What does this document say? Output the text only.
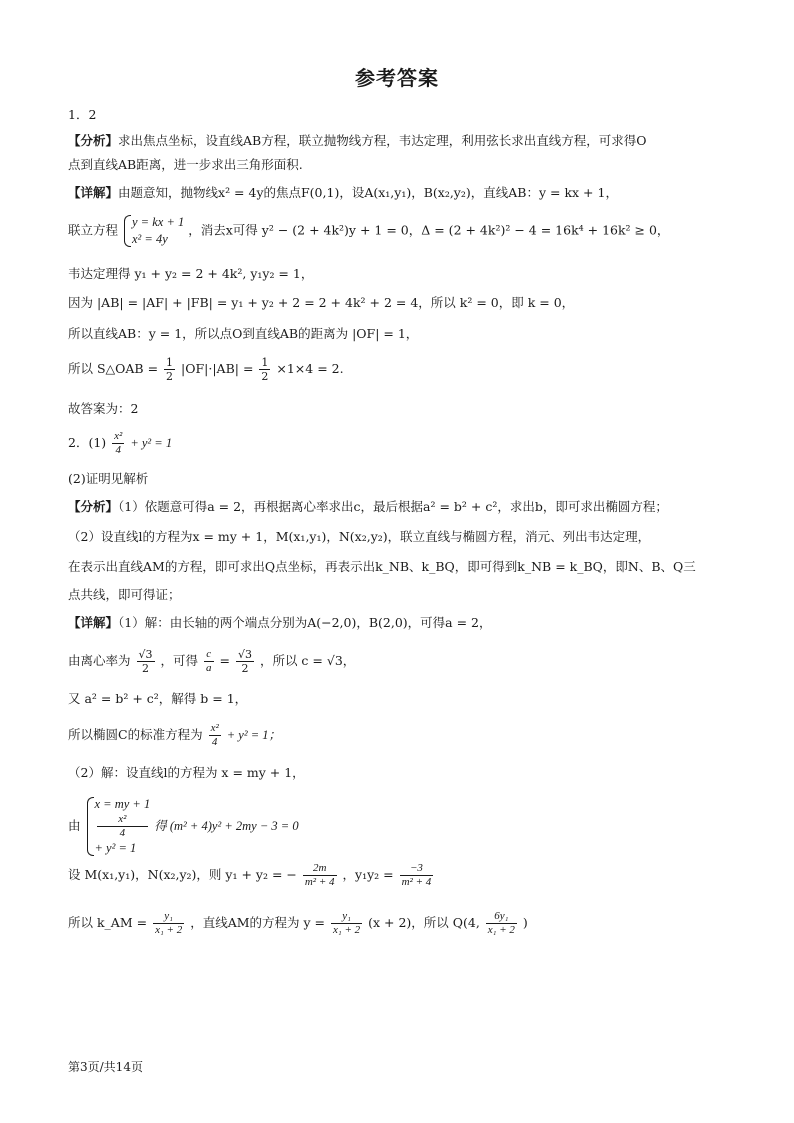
参考答案
1．2
【分析】求出焦点坐标，设直线AB方程，联立抛物线方程，韦达定理，利用弦长求出直线方程，可求得O
点到直线AB距离，进一步求出三角形面积.
【详解】由题意知，抛物线x² = 4y的焦点F(0,1)，设A(x₁,y₁)，B(x₂,y₂)，直线AB：y = kx + 1，
联立方程
y = kx + 1
x² = 4y
，消去x可得 y² − (2 + 4k²)y + 1 = 0，Δ = (2 + 4k²)² − 4 = 16k⁴ + 16k² ≥ 0，
韦达定理得 y₁ + y₂ = 2 + 4k², y₁y₂ = 1，
因为 |AB| = |AF| + |FB| = y₁ + y₂ + 2 = 2 + 4k² + 2 = 4，所以 k² = 0，即 k = 0，
所以直线AB：y = 1，所以点O到直线AB的距离为 |OF| = 1，
所以 S△OAB = $\frac{1}{2} |OF|\cdot|AB| = \frac{1}{2} \times 1\times 4 = 2$.
故答案为：2
2．$(1) \frac{\text{x²}}{4} + y^2 = 1$
(2)证明见解析
【分析】（1）依题意可得a = 2，再根据离心率求出c，最后根据a² = b² + c²，求出b，即可求出椭圆方程；
（2）设直线l的方程为x = my + 1，M(x₁,y₁)，N(x₂,y₂)，联立直线与椭圆方程，消元、列出韦达定理，
在表示出直线AM的方程，即可求出Q点坐标，再表示出k_NB、k_BQ，即可得到k_NB = k_BQ，即N、B、Q三
点共线，即可得证；
【详解】（1）解：由长轴的两个端点分别为A(−2,0)，B(2,0)，可得a = 2，
由离心率为 $\frac{√3}{2}$ ，可得 $\frac{c}{a} = \frac{√3}{2}$ ，所以 c = √3，
又 a² = b² + c²，解得 b = 1，
所以椭圆C的标准方程为 $\frac{\text{x²}}{4} + y^2 = 1$；
（2）解：设直线l的方程为 x = my + 1，
由
x = my + 1
x²
4
+ y² = 1
得 (m² + 4)y² + 2my − 3 = 0
设 M(x₁,y₁)，N(x₂,y₂)，则 y₁ + y₂ = − $\frac{2m}{\text{m² + 4}}$ ，$y_1y_2 = \frac{-3}{\text{m² + 4}}$
所以 k_AM = $\frac{\text{y₁}}{\text{x₁ + 2}}$ ，直线AM的方程为 $y = \frac{\text{y₁}}{\text{x₁ + 2}} (x + 2)$，所以 Q(4, $\frac{\text{6y₁}}{\text{x₁ + 2}}$ )
第3页/共14页
